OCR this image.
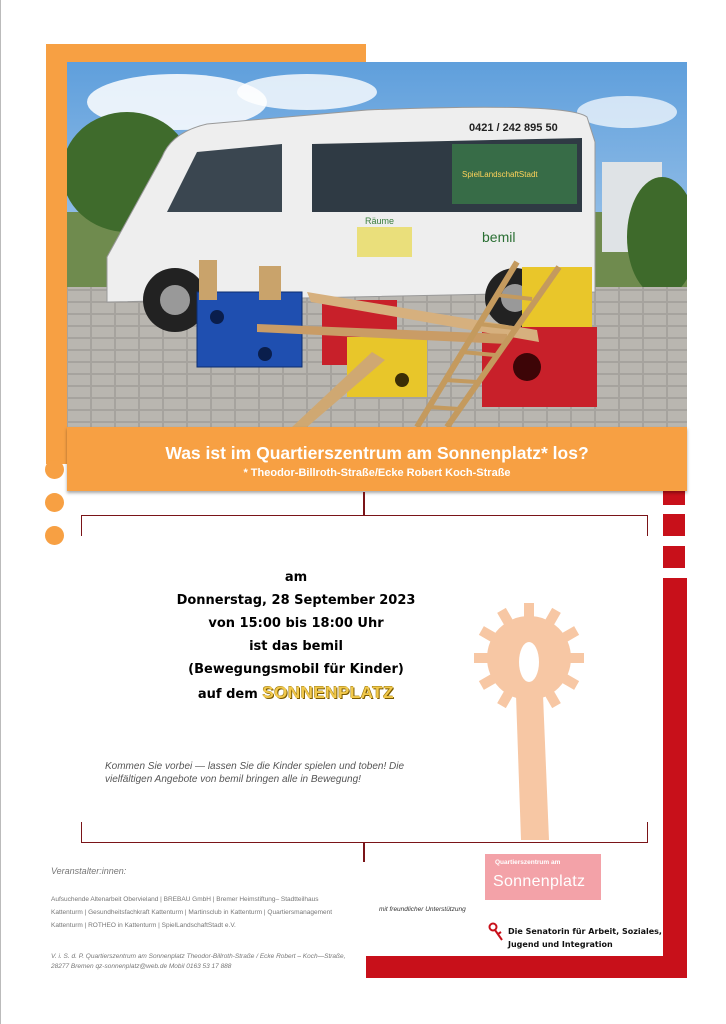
0421 / 242 895 50
Räume
bemil
SpielLandschaftStadt
Was ist im Quartierszentrum am Sonnenplatz* los?
* Theodor-Billroth-Straße/Ecke Robert Koch-Straße
am
Donnerstag, 28 September 2023
von 15:00 bis 18:00 Uhr
ist das bemil
(Bewegungsmobil für Kinder)
auf dem SONNENPLATZ
Kommen Sie vorbei — lassen Sie die Kinder spielen und toben! Die vielfältigen Angebote von bemil bringen alle in Bewegung!
Veranstalter:innen:
Aufsuchende Altenarbeit Obervieland | BREBAU GmbH | Bremer Heimstiftung– Stadtteilhaus Kattenturm | Gesundheitsfachkraft Kattenturm | Martinsclub in Kattenturm | Quartiersmanagement Kattenturm | ROTHEO in Kattenturm | SpielLandschaftStadt e.V.
V. i. S. d. P. Quartierszentrum am Sonnenplatz Theodor-Billroth-Straße / Ecke Robert – Koch—Straße, 28277 Bremen qz-sonnenplatz@web.de Mobil 0163 53 17 888
mit freundlicher Unterstützung
Quartierszentrum am
Sonnenplatz
Die Senatorin für Arbeit, Soziales,
Jugend und Integration
